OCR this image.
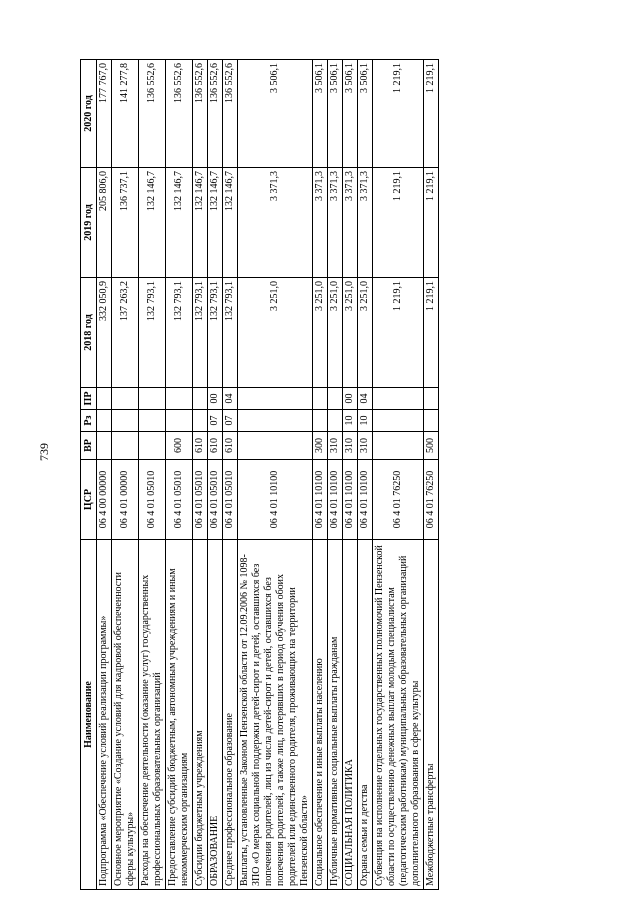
739
Наименование	ЦСР	ВР	Рз	ПР	2018 год	2019 год	2020 год
Подпрограмма «Обеспечение условий реализации программы»	06 4 00 00000				332 050,9	205 806,0	177 767,0
Основное мероприятие «Создание условий для кадровой обеспеченности сферы культуры»	06 4 01 00000				137 263,2	136 737,1	141 277,8
Расходы на обеспечение деятельности (оказание услуг) государственных профессиональных образовательных организаций	06 4 01 05010				132 793,1	132 146,7	136 552,6
Предоставление субсидий бюджетным, автономным учреждениям и иным некоммерческим организациям	06 4 01 05010	600			132 793,1	132 146,7	136 552,6
Субсидии бюджетным учреждениям	06 4 01 05010	610			132 793,1	132 146,7	136 552,6
ОБРАЗОВАНИЕ	06 4 01 05010	610	07	00	132 793,1	132 146,7	136 552,6
Среднее профессиональное образование	06 4 01 05010	610	07	04	132 793,1	132 146,7	136 552,6
Выплаты, установленные Законом Пензенской области от 12.09.2006 № 1098-ЗПО «О мерах социальной поддержки детей-сирот и детей, оставшихся без попечения родителей, лиц из числа детей-сирот и детей, оставшихся без попечения родителей, а также лиц, потерявших в период обучения обоих родителей или единственного родителя, проживающих на территории Пензенской области»	06 4 01 10100				3 251,0	3 371,3	3 506,1
Социальное обеспечение и иные выплаты населению	06 4 01 10100	300			3 251,0	3 371,3	3 506,1
Публичные нормативные социальные выплаты гражданам	06 4 01 10100	310			3 251,0	3 371,3	3 506,1
СОЦИАЛЬНАЯ ПОЛИТИКА	06 4 01 10100	310	10	00	3 251,0	3 371,3	3 506,1
Охрана семьи и детства	06 4 01 10100	310	10	04	3 251,0	3 371,3	3 506,1
Субвенция на исполнение отдельных государственных полномочий Пензенской области по осуществлению денежных выплат молодым специалистам (педагогическим работникам) муниципальных образовательных организаций дополнительного образования в сфере культуры	06 4 01 76250				1 219,1	1 219,1	1 219,1
Межбюджетные трансферты	06 4 01 76250	500			1 219,1	1 219,1	1 219,1
